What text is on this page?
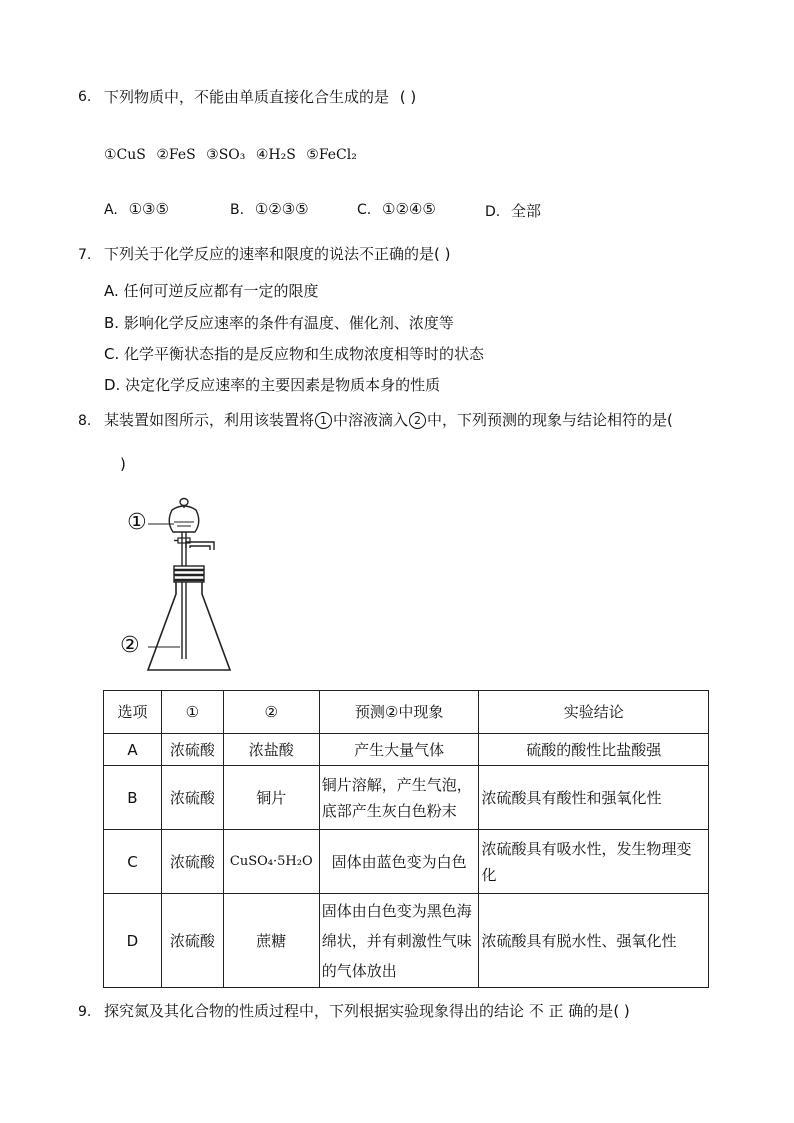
6. 下列物质中，不能由单质直接化合生成的是 ( )
①CuS ②FeS ③SO₃ ④H₂S ⑤FeCl₂
A. ①③⑤	B. ①②③⑤	C. ①②④⑤	D. 全部
7. 下列关于化学反应的速率和限度的说法不正确的是( )
A. 任何可逆反应都有一定的限度
B. 影响化学反应速率的条件有温度、催化剂、浓度等
C. 化学平衡状态指的是反应物和生成物浓度相等时的状态
D. 决定化学反应速率的主要因素是物质本身的性质
8. 某装置如图所示，利用该装置将 1 中溶液滴入 2 中，下列预测的现象与结论相符的是(
)
①
②
选项	①	②	预测②中现象	实验结论
A	浓硫酸	浓盐酸	产生大量气体	硫酸的酸性比盐酸强
B	浓硫酸	铜片	铜片溶解，产生气泡，底部产生灰白色粉末	浓硫酸具有酸性和强氧化性
C	浓硫酸	CuSO₄·5H₂O	固体由蓝色变为白色	浓硫酸具有吸水性，发生物理变化
D	浓硫酸	蔗糖	固体由白色变为黑色海绵状，并有刺激性气味的气体放出	浓硫酸具有脱水性、强氧化性
9. 探究氮及其化合物的性质过程中，下列根据实验现象得出的结论 不 正 确的是( )
